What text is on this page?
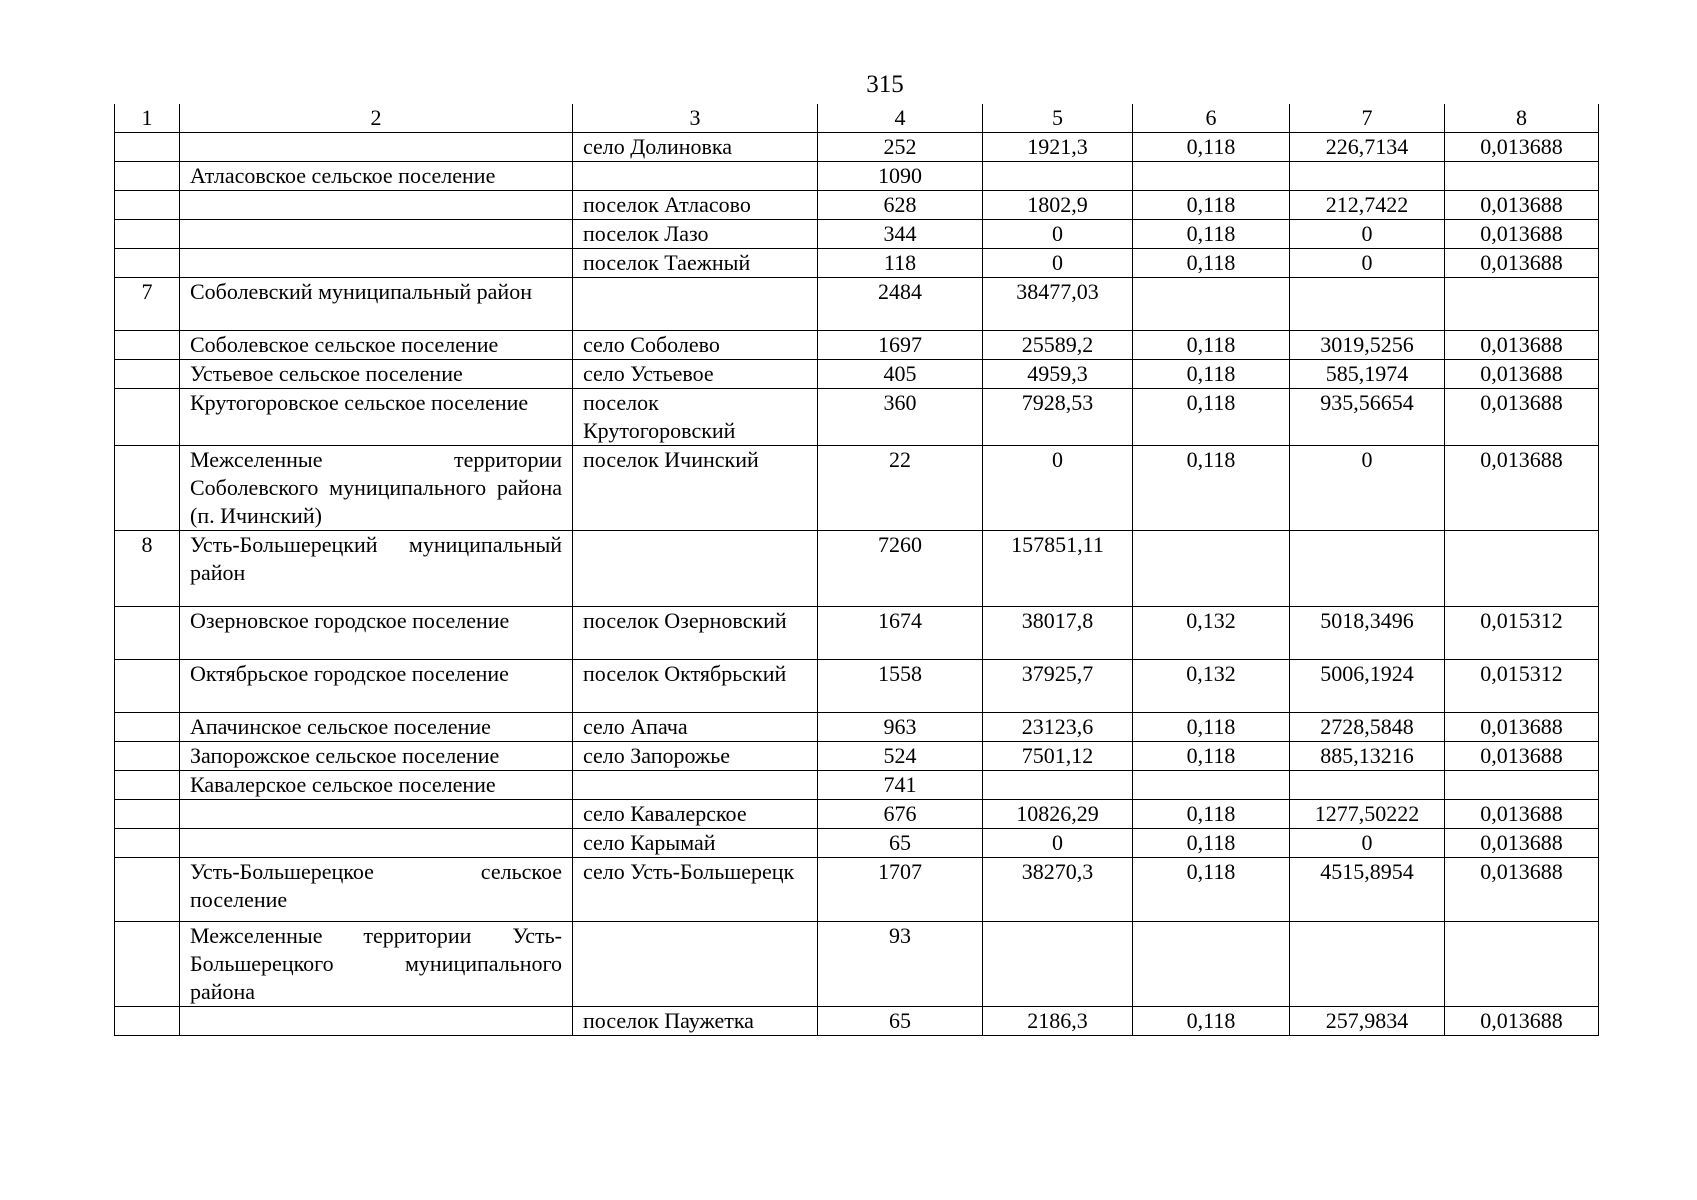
315
1	2	3	4	5	6	7	8
		село Долиновка	252	1921,3	0,118	226,7134	0,013688
	Атласовское сельское поселение		1090				
		поселок Атласово	628	1802,9	0,118	212,7422	0,013688
		поселок Лазо	344	0	0,118	0	0,013688
		поселок Таежный	118	0	0,118	0	0,013688
7	Соболевский муниципальный район		2484	38477,03			
	Соболевское сельское поселение	село Соболево	1697	25589,2	0,118	3019,5256	0,013688
	Устьевое сельское поселение	село Устьевое	405	4959,3	0,118	585,1974	0,013688
	Крутогоровское сельское поселение	поселок Крутогоровский	360	7928,53	0,118	935,56654	0,013688
	Межселенные территории Соболевского муниципального района (п. Ичинский)	поселок Ичинский	22	0	0,118	0	0,013688
8	Усть-Большерецкий муниципальный район		7260	157851,11			
	Озерновское городское поселение	поселок Озерновский	1674	38017,8	0,132	5018,3496	0,015312
	Октябрьское городское поселение	поселок Октябрьский	1558	37925,7	0,132	5006,1924	0,015312
	Апачинское сельское поселение	село Апача	963	23123,6	0,118	2728,5848	0,013688
	Запорожское сельское поселение	село Запорожье	524	7501,12	0,118	885,13216	0,013688
	Кавалерское сельское поселение		741				
		село Кавалерское	676	10826,29	0,118	1277,50222	0,013688
		село Карымай	65	0	0,118	0	0,013688
	Усть-Большерецкое сельское поселение	село Усть-Большерецк	1707	38270,3	0,118	4515,8954	0,013688
	Межселенные территории Усть-Большерецкого муниципального района		93				
		поселок Паужетка	65	2186,3	0,118	257,9834	0,013688
